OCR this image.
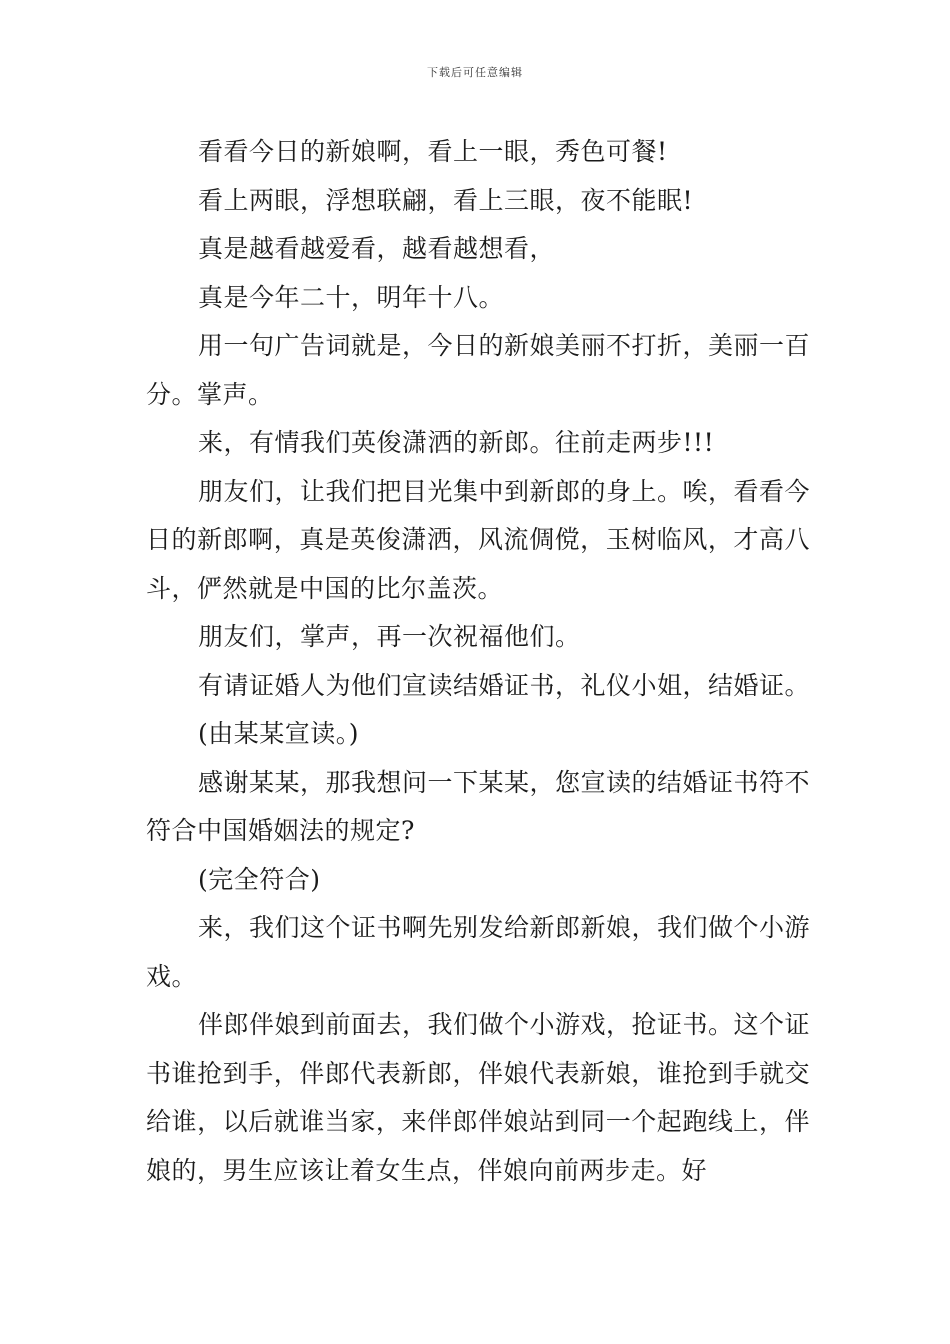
下载后可任意编辑

看看今日的新娘啊，看上一眼，秀色可餐!

看上两眼，浮想联翩，看上三眼，夜不能眠!

真是越看越爱看，越看越想看，

真是今年二十，明年十八。

用一句广告词就是，今日的新娘美丽不打折，美丽一百分。掌声。

来，有情我们英俊潇洒的新郎。往前走两步!!!

朋友们，让我们把目光集中到新郎的身上。唉，看看今日的新郎啊，真是英俊潇洒，风流倜傥，玉树临风，才高八斗，俨然就是中国的比尔盖茨。

朋友们，掌声，再一次祝福他们。

有请证婚人为他们宣读结婚证书，礼仪小姐，结婚证。

(由某某宣读。)

感谢某某，那我想问一下某某，您宣读的结婚证书符不符合中国婚姻法的规定?

(完全符合)

来，我们这个证书啊先别发给新郎新娘，我们做个小游戏。

伴郎伴娘到前面去，我们做个小游戏，抢证书。这个证书谁抢到手，伴郎代表新郎，伴娘代表新娘，谁抢到手就交给谁，以后就谁当家，来伴郎伴娘站到同一个起跑线上，伴娘的，男生应该让着女生点，伴娘向前两步走。好
